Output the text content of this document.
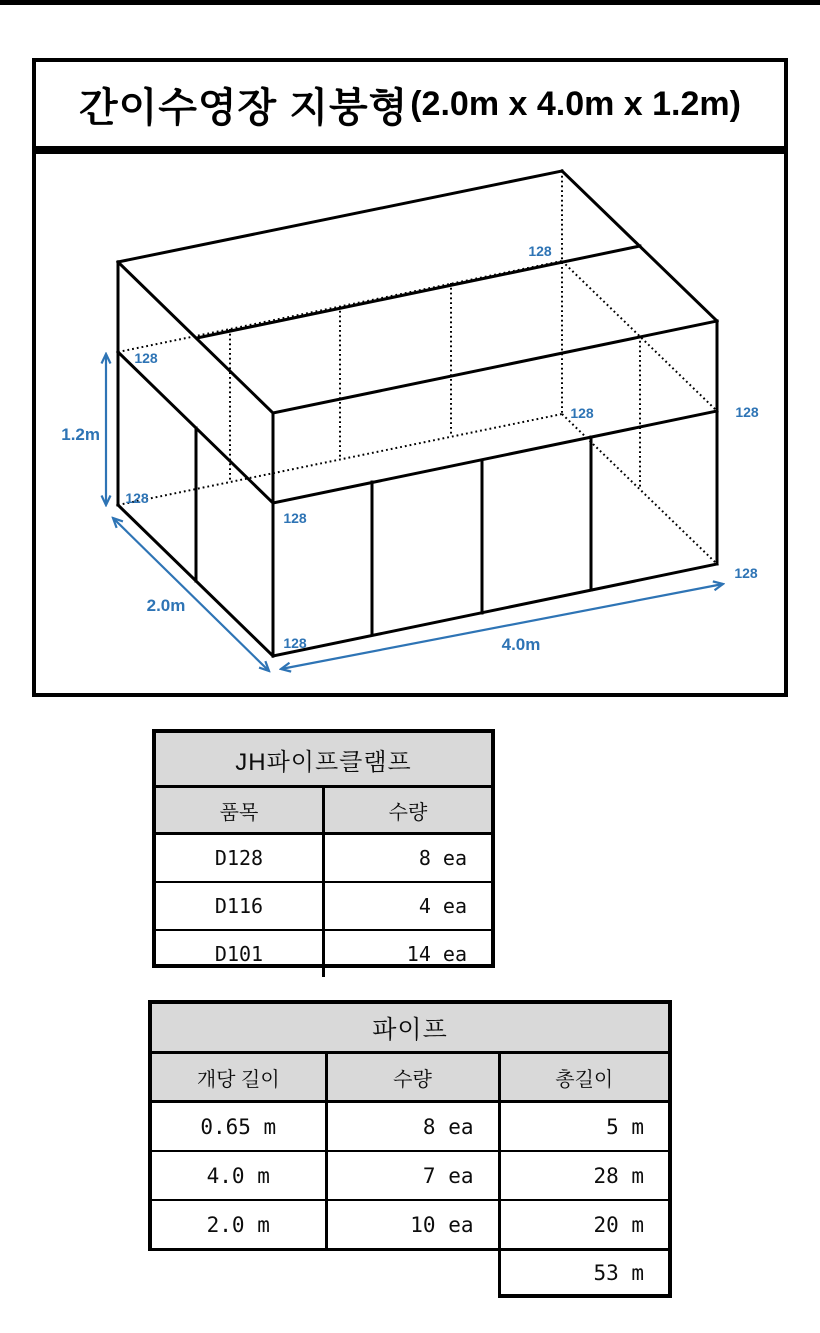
간이수영장 지붕형 (2.0m x 4.0m x 1.2m)
1.2m
2.0m
4.0m
128
128
128	128
128
128
128
128
JH파이프클램프	
품목	수량
D128	8 ea
D116	4 ea
D101	14 ea
파이프		
개당 길이	수량	총길이
0.65 m	8 ea	5 m
4.0 m	7 ea	28 m
2.0 m	10 ea	20 m
		53 m
